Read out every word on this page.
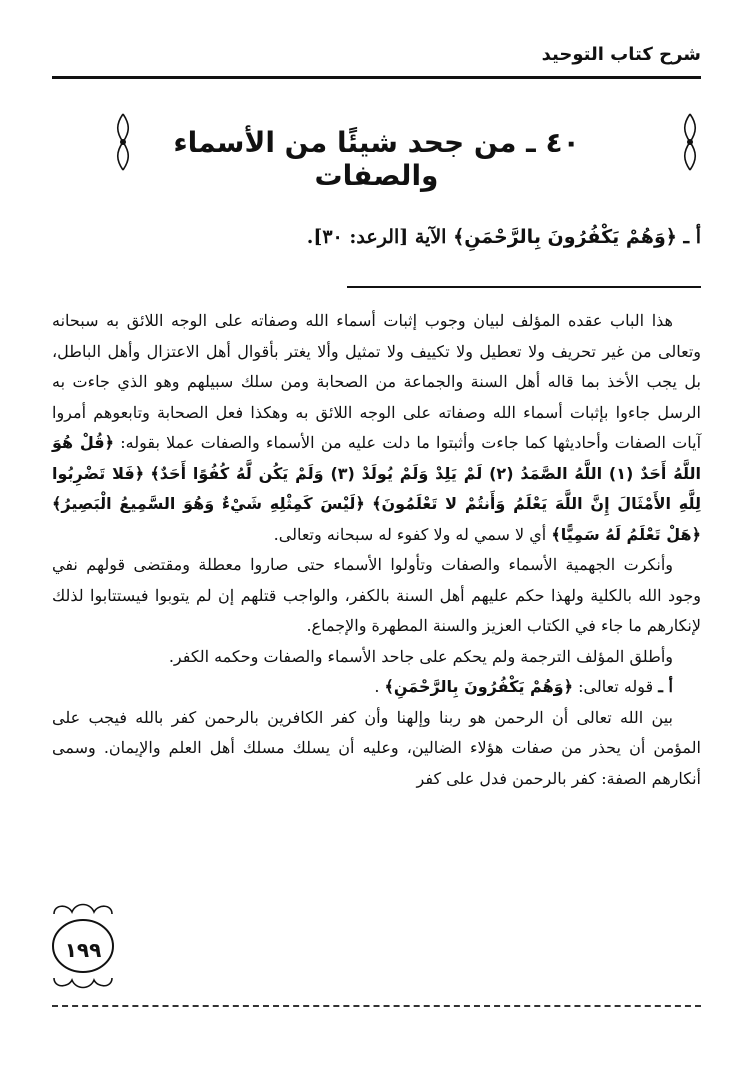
شرح كتاب التوحيد
٤٠ ـ من جحد شيئًا من الأسماء والصفات
أ ـ ﴿وَهُمْ يَكْفُرُونَ بِالرَّحْمَنِ﴾ الآية [الرعد: ٣٠].

هذا الباب عقده المؤلف لبيان وجوب إثبات أسماء الله وصفاته على الوجه اللائق به سبحانه وتعالى من غير تحريف ولا تعطيل ولا تكييف ولا تمثيل وألا يغتر بأقوال أهل الاعتزال وأهل الباطل، بل يجب الأخذ بما قاله أهل السنة والجماعة من الصحابة ومن سلك سبيلهم وهو الذي جاءت به الرسل جاءوا بإثبات أسماء الله وصفاته على الوجه اللائق به وهكذا فعل الصحابة وتابعوهم أمروا آيات الصفات وأحاديثها كما جاءت وأثبتوا ما دلت عليه من الأسماء والصفات عملا بقوله: ﴿قُلْ هُوَ اللَّهُ أَحَدٌ (١) اللَّهُ الصَّمَدُ (٢) لَمْ يَلِدْ وَلَمْ يُولَدْ (٣) وَلَمْ يَكُن لَّهُ كُفُوًا أَحَدٌ﴾ ﴿فَلا تَضْرِبُوا لِلَّهِ الأَمْثَالَ إِنَّ اللَّهَ يَعْلَمُ وَأَنتُمْ لا تَعْلَمُونَ﴾ ﴿لَيْسَ كَمِثْلِهِ شَيْءٌ وَهُوَ السَّمِيعُ الْبَصِيرُ﴾ ﴿هَلْ تَعْلَمُ لَهُ سَمِيًّا﴾ أي لا سمي له ولا كفوء له سبحانه وتعالى.

وأنكرت الجهمية الأسماء والصفات وتأولوا الأسماء حتى صاروا معطلة ومقتضى قولهم نفي وجود الله بالكلية ولهذا حكم عليهم أهل السنة بالكفر، والواجب قتلهم إن لم يتوبوا فيستتابوا لذلك لإنكارهم ما جاء في الكتاب العزيز والسنة المطهرة والإجماع.

وأطلق المؤلف الترجمة ولم يحكم على جاحد الأسماء والصفات وحكمه الكفر.

أ ـ قوله تعالى: ﴿وَهُمْ يَكْفُرُونَ بِالرَّحْمَنِ﴾ .

بين الله تعالى أن الرحمن هو ربنا وإلهنا وأن كفر الكافرين بالرحمن كفر بالله فيجب على المؤمن أن يحذر من صفات هؤلاء الضالين، وعليه أن يسلك مسلك أهل العلم والإيمان. وسمى أنكارهم الصفة: كفر بالرحمن فدل على كفر

١٩٩
